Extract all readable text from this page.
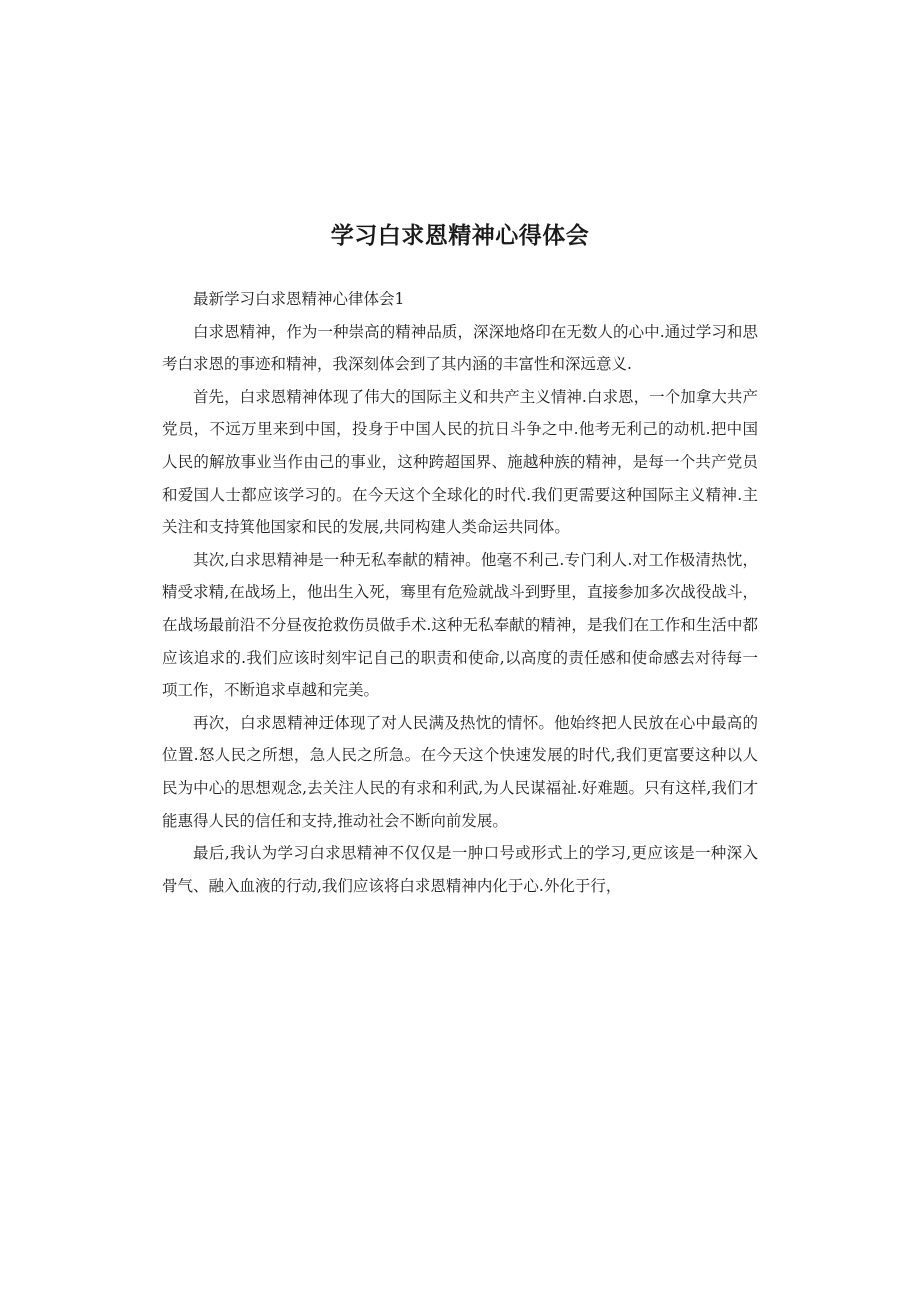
学习白求恩精神心得体会

最新学习白求恩精神心律体会1

白求恩精神，作为一种崇高的精神品质，深深地烙印在无数人的心中.通过学习和思考白求恩的事迹和精神，我深刻体会到了其内涵的丰富性和深远意义.

首先，白求恩精神体现了伟大的国际主义和共产主义情神.白求恩，一个加拿大共产党员，不远万里来到中国，投身于中国人民的抗日斗争之中.他考无利己的动机.把中国人民的解放事业当作由己的事业，这种跨超国界、施越种族的精神，是每一个共产党员和爱国人士都应该学习的。在今天这个全球化的时代.我们更需要这种国际主义精神.主关注和支持箕他国家和民的发展,共同构建人类命运共同体。

其次,白求思精神是一种无私奉献的精神。他毫不利己.专门利人.对工作极清热忱，精受求精,在战场上，他出生入死，骞里有危殓就战斗到野里，直接参加多次战役战斗，在战场最前沿不分昼夜抢救伤员做手术.这种无私奉献的精神，是我们在工作和生活中都应该追求的.我们应该时刻牢记自己的职责和使命,以高度的责任感和使命感去对待每一项工作，不断追求卓越和完美。

再次，白求恩精神迂体现了对人民满及热忱的情怀。他始终把人民放在心中最高的位置.怒人民之所想，急人民之所急。在今天这个快速发展的时代,我们更富要这种以人民为中心的思想观念,去关注人民的有求和利武,为人民谋福祉.好难题。只有这样,我们才能惠得人民的信任和支持,推动社会不断向前发展。

最后,我认为学习白求思精神不仅仅是一肿口号或形式上的学习,更应该是一种深入骨气、融入血液的行动,我们应该将白求恩精神内化于心.外化于行，
